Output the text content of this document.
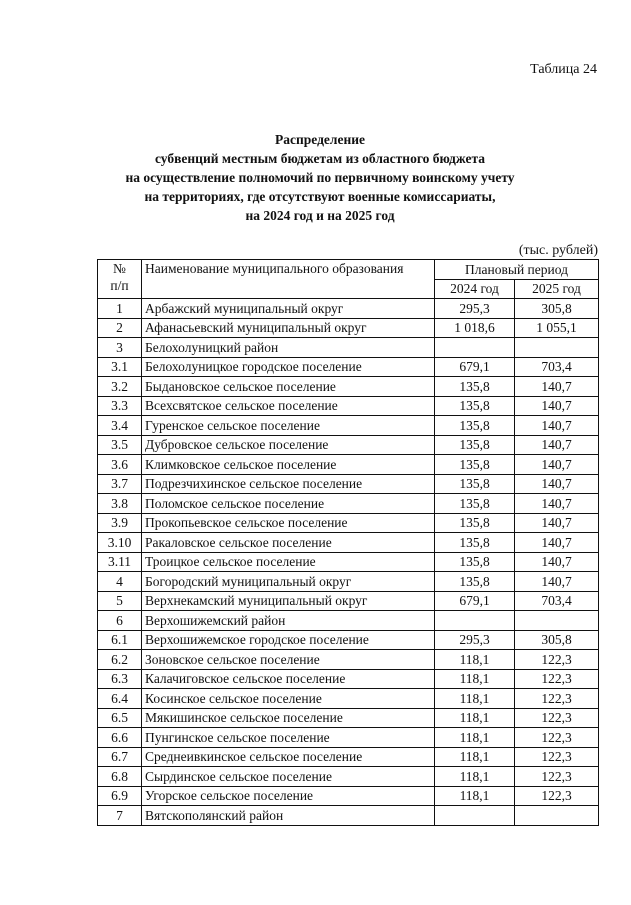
Таблица 24
Распределение
субвенций местным бюджетам из областного бюджета
на осуществление полномочий по первичному воинскому учету
на территориях, где отсутствуют военные комиссариаты,
на 2024 год и на 2025 год
(тыс. рублей)
№
п/п	Наименование муниципального образования	Плановый период	
		2024 год	2025 год
1	Арбажский муниципальный округ	295,3	305,8
2	Афанасьевский муниципальный округ	1 018,6	1 055,1
3	Белохолуницкий район		
3.1	Белохолуницкое городское поселение	679,1	703,4
3.2	Быдановское сельское поселение	135,8	140,7
3.3	Всехсвятское сельское поселение	135,8	140,7
3.4	Гуренское сельское поселение	135,8	140,7
3.5	Дубровское сельское поселение	135,8	140,7
3.6	Климковское сельское поселение	135,8	140,7
3.7	Подрезчихинское сельское поселение	135,8	140,7
3.8	Поломское сельское поселение	135,8	140,7
3.9	Прокопьевское сельское поселение	135,8	140,7
3.10	Ракаловское сельское поселение	135,8	140,7
3.11	Троицкое сельское поселение	135,8	140,7
4	Богородский муниципальный округ	135,8	140,7
5	Верхнекамский муниципальный округ	679,1	703,4
6	Верхошижемский район		
6.1	Верхошижемское городское поселение	295,3	305,8
6.2	Зоновское сельское поселение	118,1	122,3
6.3	Калачиговское сельское поселение	118,1	122,3
6.4	Косинское сельское поселение	118,1	122,3
6.5	Мякишинское сельское поселение	118,1	122,3
6.6	Пунгинское сельское поселение	118,1	122,3
6.7	Среднеивкинское сельское поселение	118,1	122,3
6.8	Сырдинское сельское поселение	118,1	122,3
6.9	Угорское сельское поселение	118,1	122,3
7	Вятскополянский район		
